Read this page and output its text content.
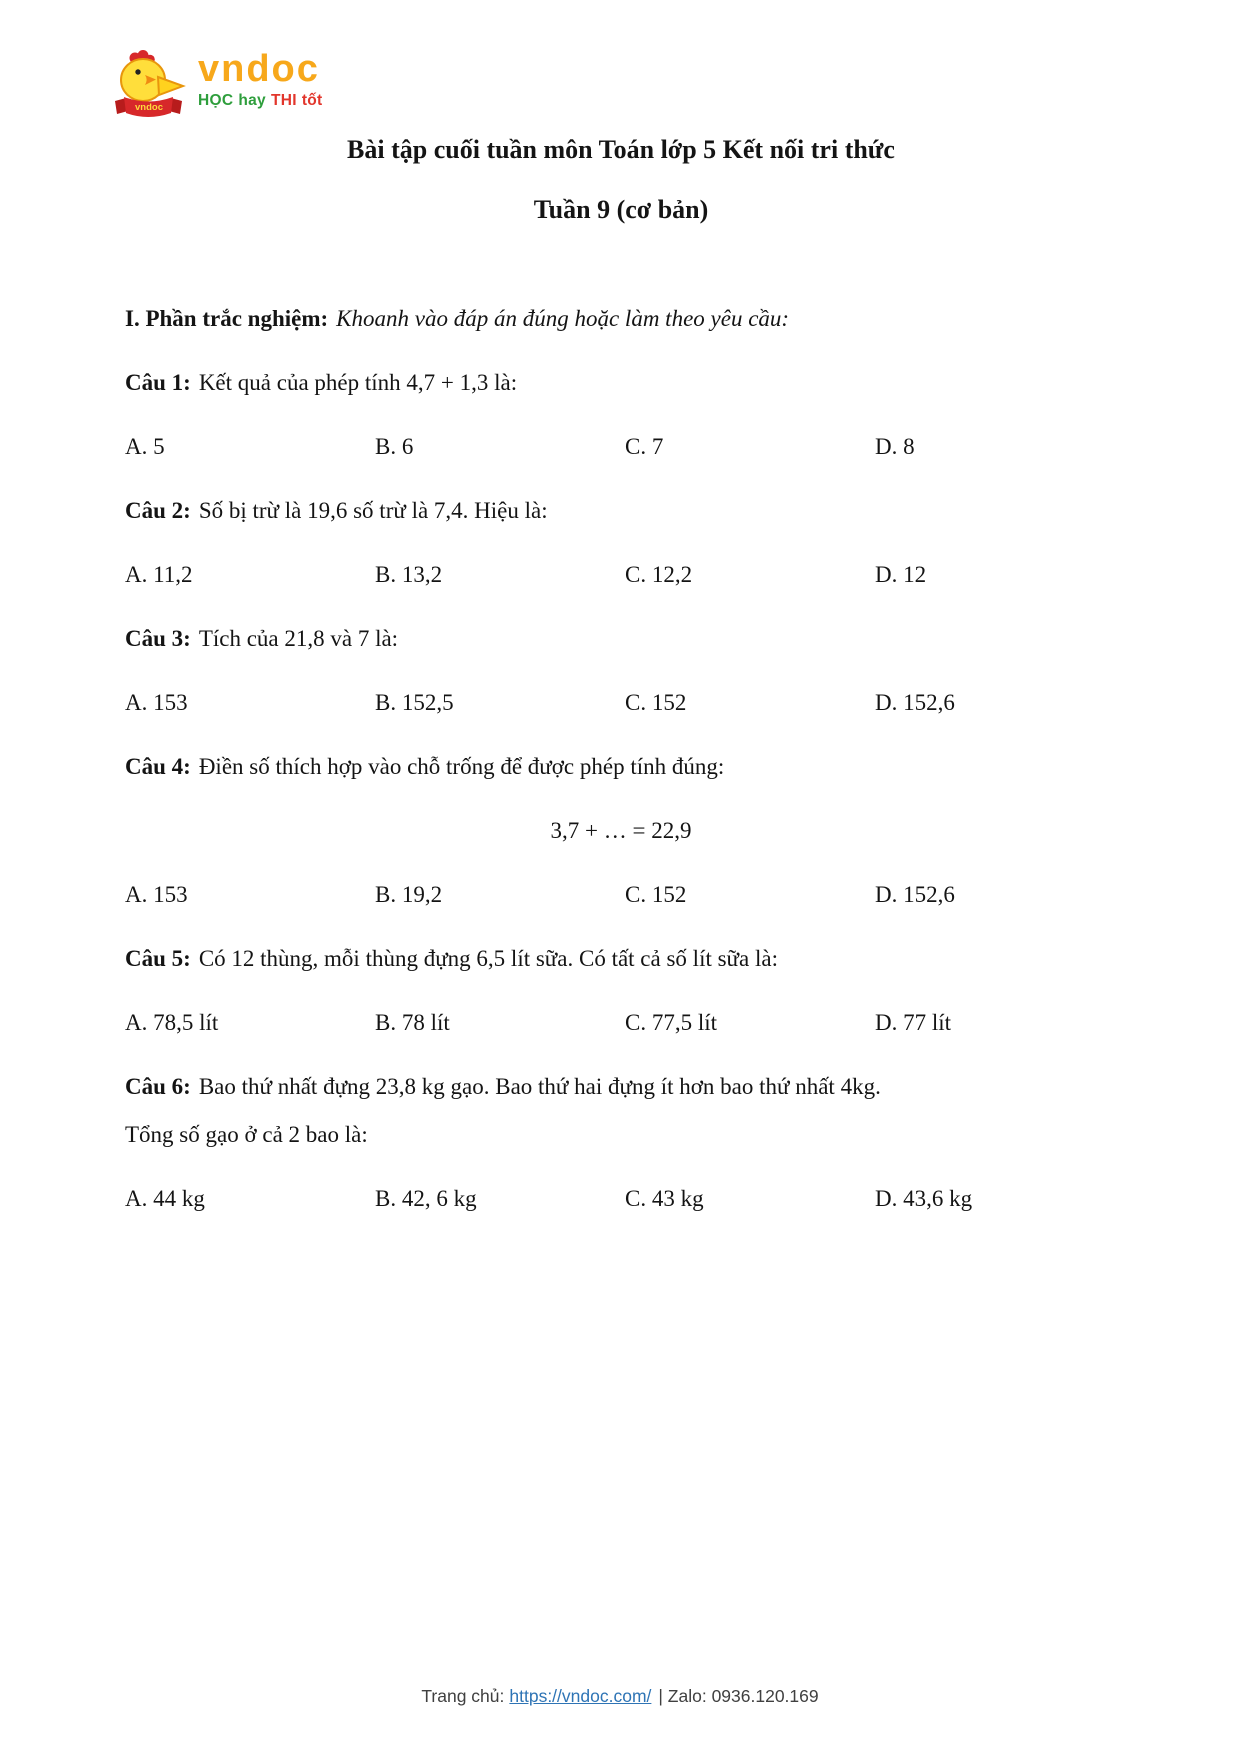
vndoc
vndoc
HỌC hay THI tốt
Bài tập cuối tuần môn Toán lớp 5 Kết nối tri thức
Tuần 9 (cơ bản)

I. Phần trắc nghiệm: Khoanh vào đáp án đúng hoặc làm theo yêu cầu:

Câu 1: Kết quả của phép tính 4,7 + 1,3 là:

A. 5	B. 6	C. 7	D. 8

Câu 2: Số bị trừ là 19,6 số trừ là 7,4. Hiệu là:

A. 11,2	B. 13,2	C. 12,2	D. 12

Câu 3: Tích của 21,8 và 7 là:

A. 153	B. 152,5	C. 152	D. 152,6

Câu 4: Điền số thích hợp vào chỗ trống để được phép tính đúng:

3,7 + … = 22,9

A. 153	B. 19,2	C. 152	D. 152,6

Câu 5: Có 12 thùng, mỗi thùng đựng 6,5 lít sữa. Có tất cả số lít sữa là:

A. 78,5 lít	B. 78 lít	C. 77,5 lít	D. 77 lít

Câu 6: Bao thứ nhất đựng 23,8 kg gạo. Bao thứ hai đựng ít hơn bao thứ nhất 4kg.
Tổng số gạo ở cả 2 bao là:

A. 44 kg	B. 42, 6 kg	C. 43 kg	D. 43,6 kg
Trang chủ: https://vndoc.com/ | Zalo: 0936.120.169
